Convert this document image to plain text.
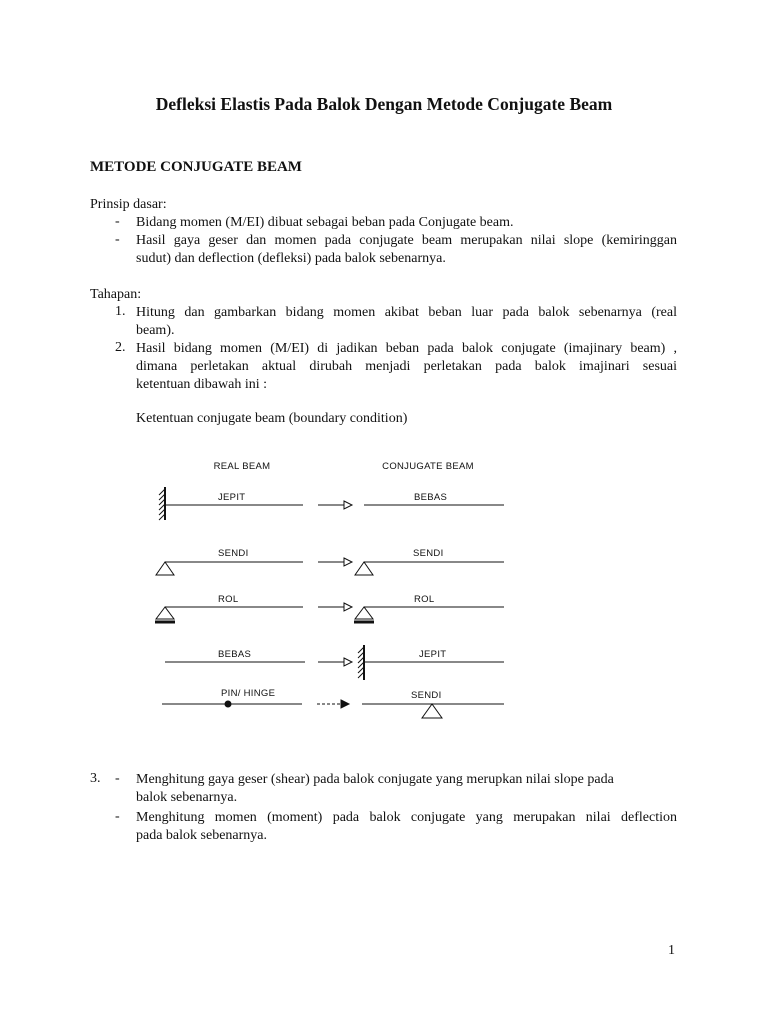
Defleksi Elastis Pada Balok Dengan Metode Conjugate Beam
METODE CONJUGATE BEAM
Prinsip dasar:
- Bidang momen (M/EI) dibuat sebagai beban pada Conjugate beam.
- Hasil gaya geser dan momen pada conjugate beam merupakan nilai slope (kemiringgan
sudut) dan deflection (defleksi) pada balok sebenarnya.
Tahapan:
1. Hitung dan gambarkan bidang momen akibat beban luar pada balok sebenarnya (real
beam).
2. Hasil bidang momen (M/EI) di jadikan beban pada balok conjugate (imajinary beam) ,
dimana perletakan aktual dirubah menjadi perletakan pada balok imajinari sesuai
ketentuan dibawah ini :
Ketentuan conjugate beam (boundary condition)
REAL BEAM	CONJUGATE BEAM
JEPIT	BEBAS
SENDI	SENDI
ROL	ROL
BEBAS	JEPIT
PIN/ HINGE	SENDI
3. - Menghitung gaya geser (shear) pada balok conjugate yang merupkan nilai slope pada
balok sebenarnya.
- Menghitung momen (moment) pada balok conjugate yang merupakan nilai deflection
pada balok sebenarnya.
1
